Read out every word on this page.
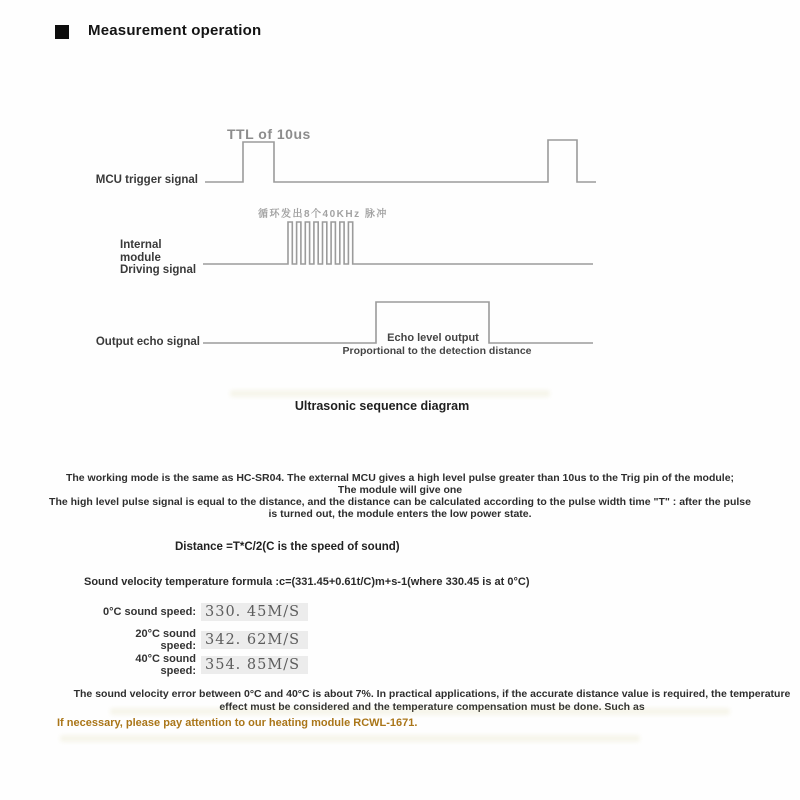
Measurement operation
TTL of 10us
MCU trigger signal
循环发出8个40KHz 脉冲
Internal
module
Driving signal
Output echo signal	Echo level output
Proportional to the detection distance
Ultrasonic sequence diagram
The working mode is the same as HC-SR04. The external MCU gives a high level pulse greater than 10us to the Trig pin of the module;
The module will give one
The high level pulse signal is equal to the distance, and the distance can be calculated according to the pulse width time "T" : after the pulse
is turned out, the module enters the low power state.
Distance =T*C/2(C is the speed of sound)
Sound velocity temperature formula :c=(331.45+0.61t/C)m+s-1(where 330.45 is at 0°C)
0°C sound speed: 330. 45M/S
20°C sound speed: 342. 62M/S
40°C sound speed: 354. 85M/S
The sound velocity error between 0°C and 40°C is about 7%. In practical applications, if the accurate distance value is required, the temperature
effect must be considered and the temperature compensation must be done. Such as
If necessary, please pay attention to our heating module RCWL-1671.
